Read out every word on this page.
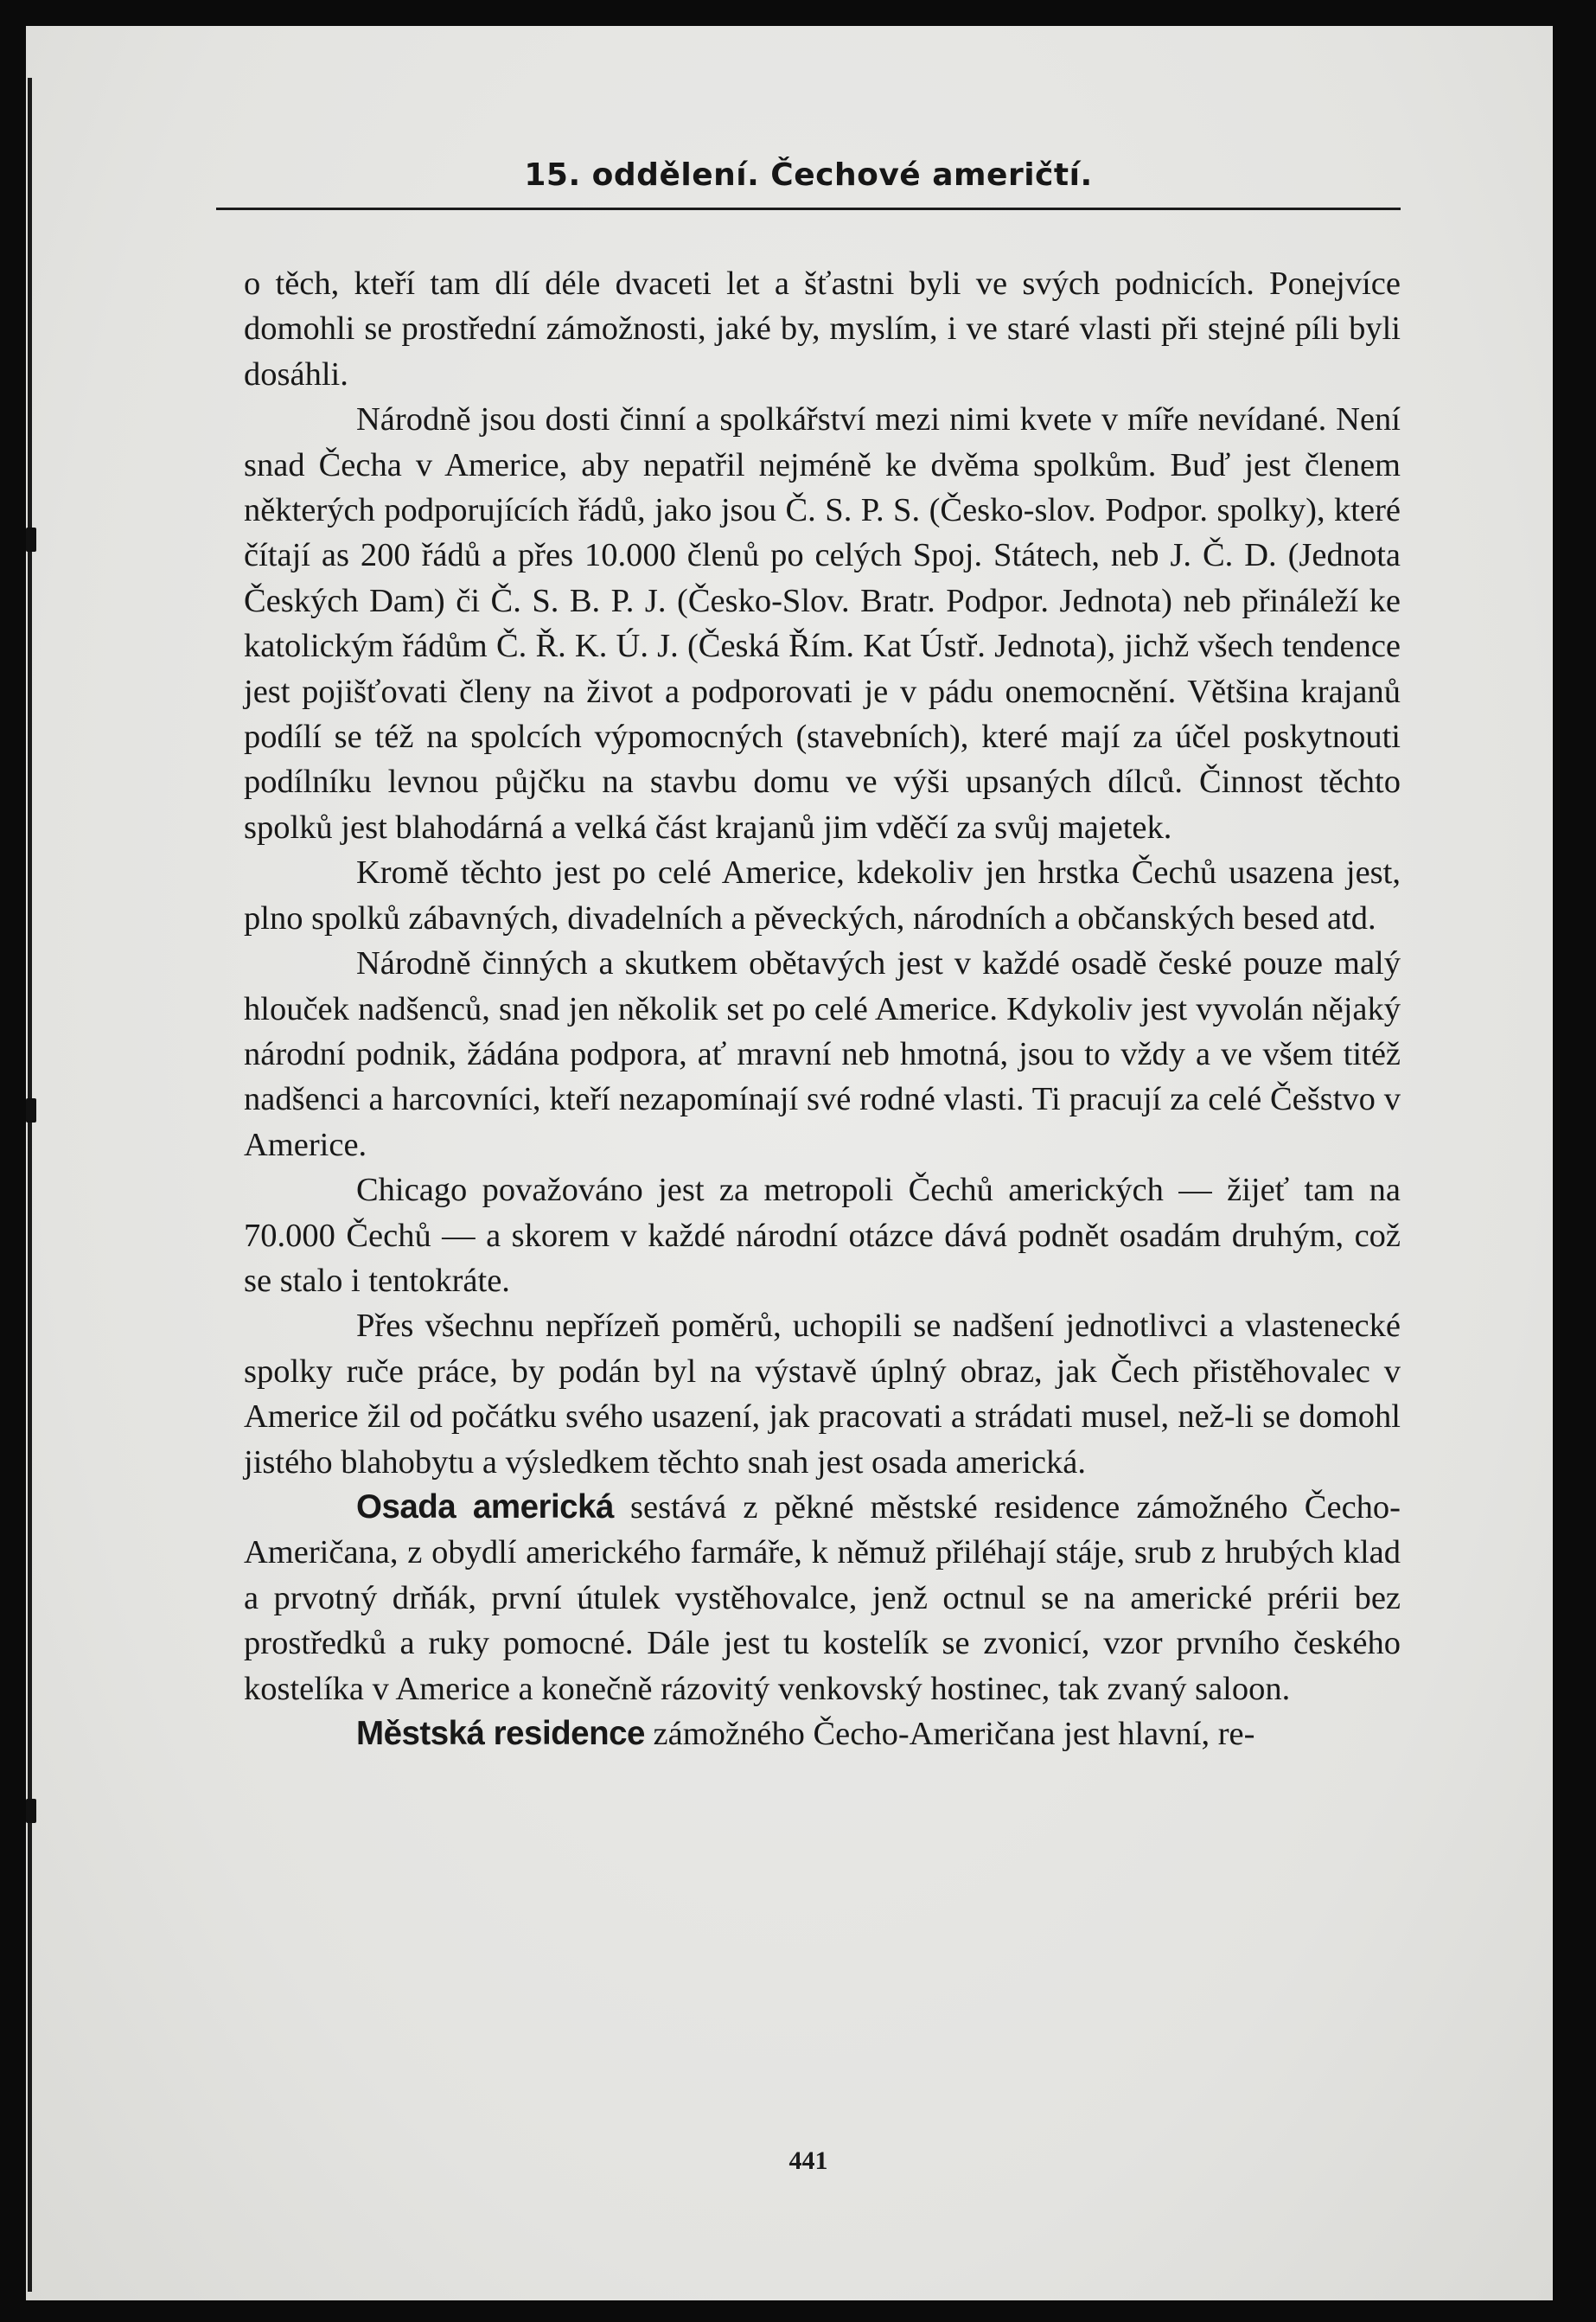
15. oddělení. Čechové američtí.

o těch, kteří tam dlí déle dvaceti let a šťastni byli ve svých podnicích. Ponejvíce domohli se prostřední zámožnosti, jaké by, myslím, i ve staré vlasti při stejné píli byli dosáhli.

Národně jsou dosti činní a spolkářství mezi nimi kvete v míře nevídané. Není snad Čecha v Americe, aby nepatřil nejméně ke dvěma spolkům. Buď jest členem některých podporujících řádů, jako jsou Č. S. P. S. (Česko-slov. Podpor. spolky), které čítají as 200 řádů a přes 10.000 členů po celých Spoj. Státech, neb J. Č. D. (Jednota Českých Dam) či Č. S. B. P. J. (Česko-Slov. Bratr. Podpor. Jednota) neb přináleží ke katolickým řádům Č. Ř. K. Ú. J. (Česká Řím. Kat Ústř. Jednota), jichž všech tendence jest pojišťovati členy na život a podporovati je v pádu onemocnění. Většina krajanů podílí se též na spolcích výpomocných (stavebních), které mají za účel poskytnouti podílníku levnou půjčku na stavbu domu ve výši upsaných dílců. Činnost těchto spolků jest blahodárná a velká část krajanů jim vděčí za svůj majetek.

Kromě těchto jest po celé Americe, kdekoliv jen hrstka Čechů usazena jest, plno spolků zábavných, divadelních a pěveckých, národních a občanských besed atd.

Národně činných a skutkem obětavých jest v každé osadě české pouze malý hlouček nadšenců, snad jen několik set po celé Americe. Kdykoliv jest vyvolán nějaký národní podnik, žádána podpora, ať mravní neb hmotná, jsou to vždy a ve všem titéž nadšenci a harcovníci, kteří nezapomínají své rodné vlasti. Ti pracují za celé Češstvo v Americe.

Chicago považováno jest za metropoli Čechů amerických — žijeť tam na 70.000 Čechů — a skorem v každé národní otázce dává podnět osadám druhým, což se stalo i tentokráte.

Přes všechnu nepřízeň poměrů, uchopili se nadšení jednotlivci a vlastenecké spolky ruče práce, by podán byl na výstavě úplný obraz, jak Čech přistěhovalec v Americe žil od počátku svého usazení, jak pracovati a strádati musel, než-li se domohl jistého blahobytu a výsledkem těchto snah jest osada americká.

Osada americká sestává z pěkné městské residence zámožného Čecho-Američana, z obydlí amerického farmáře, k němuž přiléhají stáje, srub z hrubých klad a prvotný drňák, první útulek vystěhovalce, jenž octnul se na americké prérii bez prostředků a ruky pomocné. Dále jest tu kostelík se zvonicí, vzor prvního českého kostelíka v Americe a konečně rázovitý venkovský hostinec, tak zvaný saloon.

Městská residence zámožného Čecho-Američana jest hlavní, re-

441
